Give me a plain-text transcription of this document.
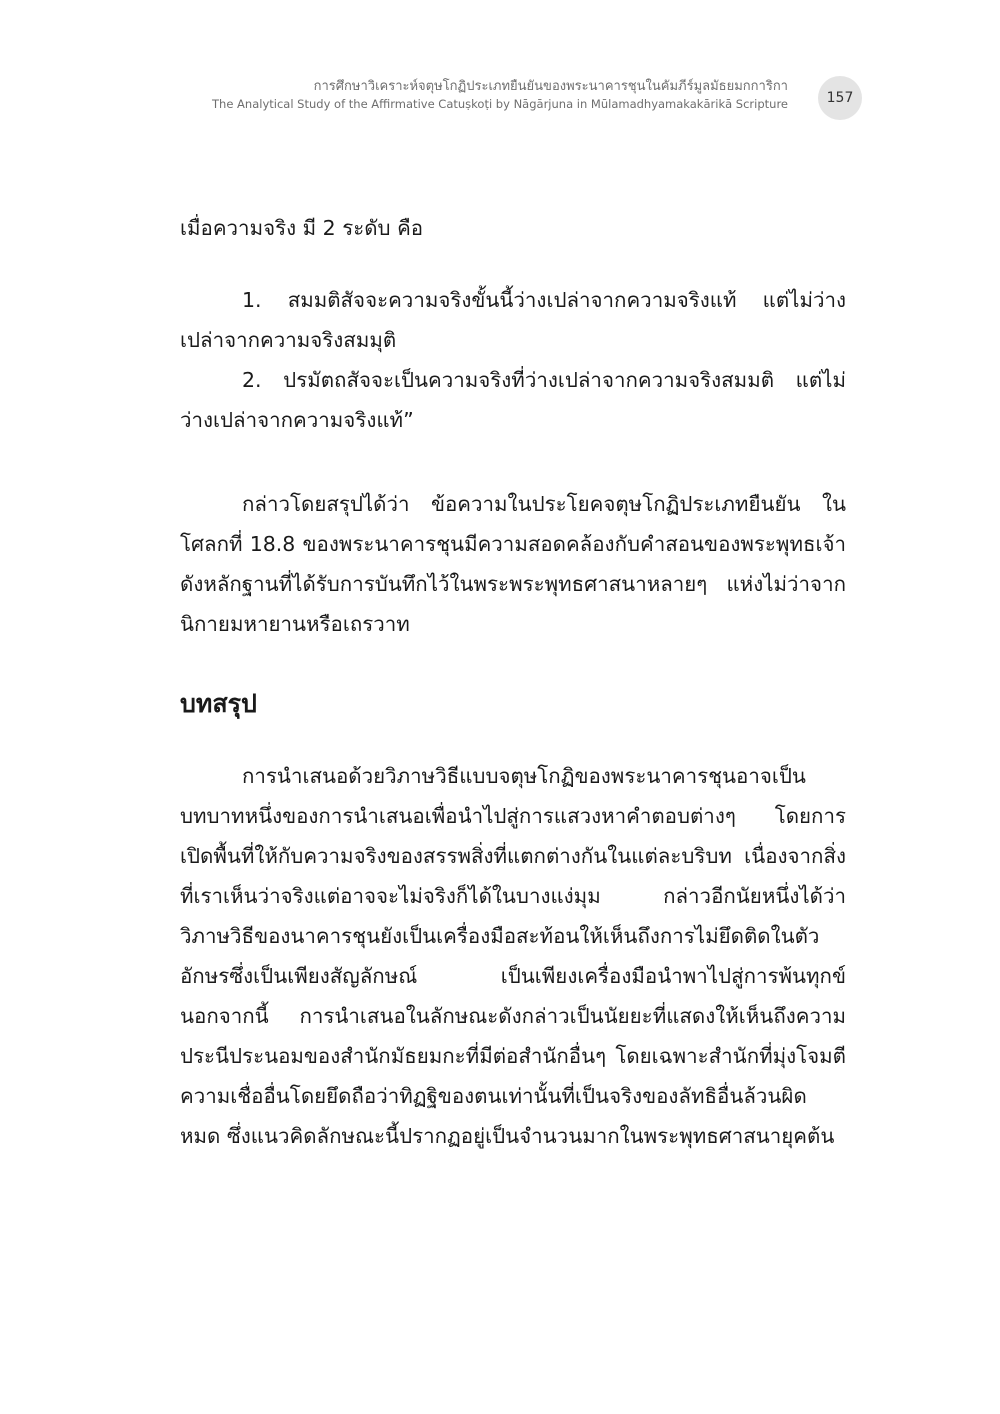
การศึกษาวิเคราะห์จตุษโกฏิประเภทยืนยันของพระนาคารชุนในคัมภีร์มูลมัธยมกการิกา
The Analytical Study of the Affirmative Catuṣkoṭi by Nāgārjuna in Mūlamadhyamakakārikā Scripture	157

เมื่อความจริง มี 2 ระดับ คือ

1. สมมติสัจจะความจริงขั้นนี้ว่างเปล่าจากความจริงแท้ แต่ไม่ว่างเปล่าจากความจริงสมมุติ

2. ปรมัตถสัจจะเป็นความจริงที่ว่างเปล่าจากความจริงสมมติ แต่ไม่ว่างเปล่าจากความจริงแท้”

กล่าวโดยสรุปได้ว่า ข้อความในประโยคจตุษโกฏิประเภทยืนยัน ในโศลกที่ 18.8 ของพระนาคารชุนมีความสอดคล้องกับคำสอนของพระพุทธเจ้า ดังหลักฐานที่ได้รับการบันทึกไว้ในพระพระพุทธศาสนาหลายๆ แห่งไม่ว่าจากนิกายมหายานหรือเถรวาท

บทสรุป

การนำเสนอด้วยวิภาษวิธีแบบจตุษโกฏิของพระนาคารชุนอาจเป็นบทบาทหนึ่งของการนำเสนอเพื่อนำไปสู่การแสวงหาคำตอบต่างๆ โดยการเปิดพื้นที่ให้กับความจริงของสรรพสิ่งที่แตกต่างกันในแต่ละบริบท เนื่องจากสิ่งที่เราเห็นว่าจริงแต่อาจจะไม่จริงก็ได้ในบางแง่มุม กล่าวอีกนัยหนึ่งได้ว่า วิภาษวิธีของนาคารชุนยังเป็นเครื่องมือสะท้อนให้เห็นถึงการไม่ยึดติดในตัวอักษรซึ่งเป็นเพียงสัญลักษณ์ เป็นเพียงเครื่องมือนำพาไปสู่การพ้นทุกข์ นอกจากนี้ การนำเสนอในลักษณะดังกล่าวเป็นนัยยะที่แสดงให้เห็นถึงความประนีประนอมของสำนักมัธยมกะที่มีต่อสำนักอื่นๆ โดยเฉพาะสำนักที่มุ่งโจมตีความเชื่ออื่นโดยยึดถือว่าทิฏฐิของตนเท่านั้นที่เป็นจริงของลัทธิอื่นล้วนผิดหมด ซึ่งแนวคิดลักษณะนี้ปรากฏอยู่เป็นจำนวนมากในพระพุทธศาสนายุคต้น
